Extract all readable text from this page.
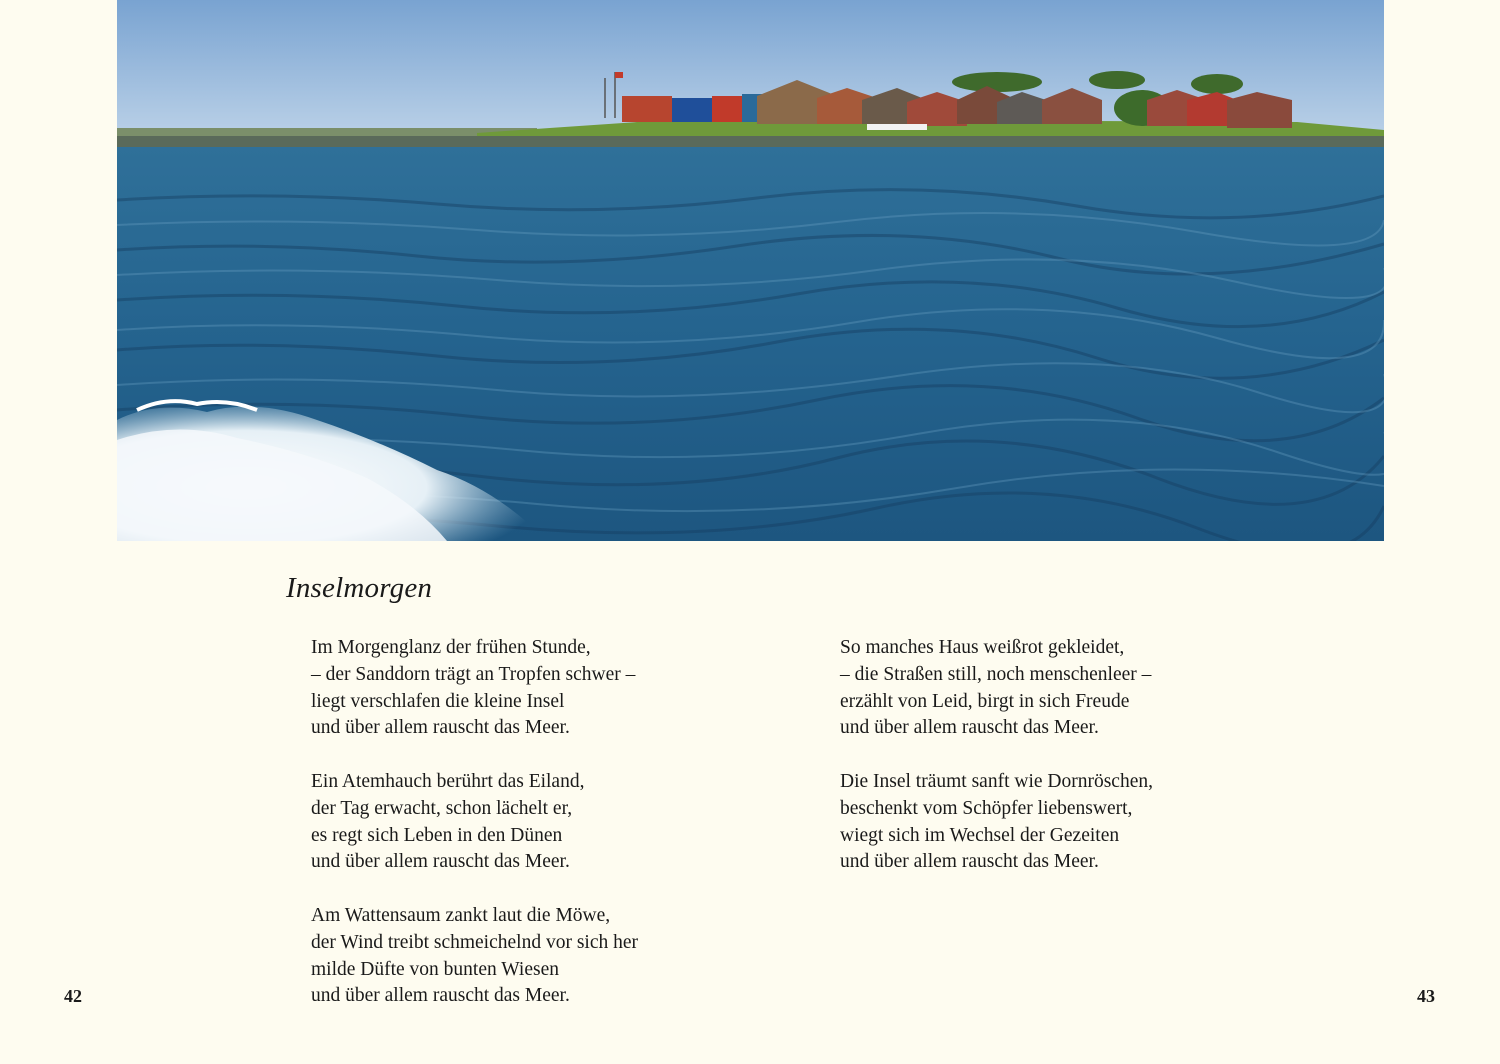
Inselmorgen

Im Morgenglanz der frühen Stunde,
– der Sanddorn trägt an Tropfen schwer –
liegt verschlafen die kleine Insel
und über allem rauscht das Meer.

Ein Atemhauch berührt das Eiland,
der Tag erwacht, schon lächelt er,
es regt sich Leben in den Dünen
und über allem rauscht das Meer.

Am Wattensaum zankt laut die Möwe,
der Wind treibt schmeichelnd vor sich her
milde Düfte von bunten Wiesen
und über allem rauscht das Meer.

So manches Haus weißrot gekleidet,
– die Straßen still, noch menschenleer –
erzählt von Leid, birgt in sich Freude
und über allem rauscht das Meer.

Die Insel träumt sanft wie Dornröschen,
beschenkt vom Schöpfer liebenswert,
wiegt sich im Wechsel der Gezeiten
und über allem rauscht das Meer.

42	43
